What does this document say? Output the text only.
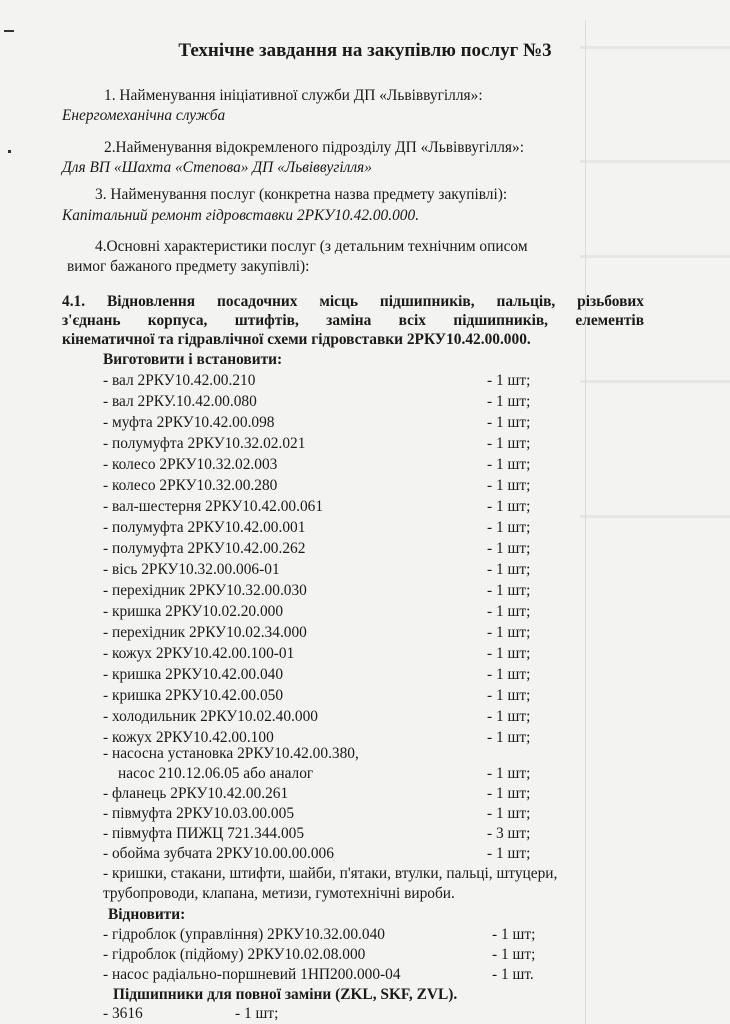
Технічне завдання на закупівлю послуг №3
1. Найменування ініціативної служби ДП «Львіввугілля»:
Енергомеханічна служба
2.Найменування відокремленого підрозділу ДП «Львіввугілля»:
Для ВП «Шахта «Степова» ДП «Львіввугілля»
3. Найменування послуг (конкретна назва предмету закупівлі):
Капітальний ремонт гідровставки 2РКУ10.42.00.000.
4.Основні характеристики послуг (з детальним технічним описом
вимог бажаного предмету закупівлі):
4.1. Відновлення посадочних місць підшипників, пальців, різьбових
з'єднань корпуса, штифтів, заміна всіх підшипників, елементів
кінематичної та гідравлічної схеми гідровставки 2РКУ10.42.00.000.
Виготовити і встановити:
- вал 2РКУ10.42.00.210	- 1 шт;
- вал 2РКУ.10.42.00.080	- 1 шт;
- муфта 2РКУ10.42.00.098	- 1 шт;
- полумуфта 2РКУ10.32.02.021	- 1 шт;
- колесо 2РКУ10.32.02.003	- 1 шт;
- колесо 2РКУ10.32.00.280	- 1 шт;
- вал-шестерня 2РКУ10.42.00.061	- 1 шт;
- полумуфта 2РКУ10.42.00.001	- 1 шт;
- полумуфта 2РКУ10.42.00.262	- 1 шт;
- вісь 2РКУ10.32.00.006-01	- 1 шт;
- перехідник 2РКУ10.32.00.030	- 1 шт;
- кришка 2РКУ10.02.20.000	- 1 шт;
- перехідник 2РКУ10.02.34.000	- 1 шт;
- кожух 2РКУ10.42.00.100-01	- 1 шт;
- кришка 2РКУ10.42.00.040	- 1 шт;
- кришка 2РКУ10.42.00.050	- 1 шт;
- холодильник 2РКУ10.02.40.000	- 1 шт;
- кожух 2РКУ10.42.00.100	- 1 шт;
- насосна установка 2РКУ10.42.00.380,
насос 210.12.06.05 або аналог	- 1 шт;
- фланець 2РКУ10.42.00.261	- 1 шт;
- півмуфта 2РКУ10.03.00.005	- 1 шт;
- півмуфта ПИЖЦ 721.344.005	- 3 шт;
- обойма зубчата 2РКУ10.00.00.006	- 1 шт;
- кришки, стакани, штифти, шайби, п'ятаки, втулки, пальці, штуцери,
трубопроводи, клапана, метизи, гумотехнічні вироби.
Відновити:
- гідроблок (управління) 2РКУ10.32.00.040	- 1 шт;
- гідроблок (підйому) 2РКУ10.02.08.000	- 1 шт;
- насос радіально-поршневий 1НП200.000-04	- 1 шт.
Підшипники для повної заміни (ZKL, SKF, ZVL).
- 3616	- 1 шт;
